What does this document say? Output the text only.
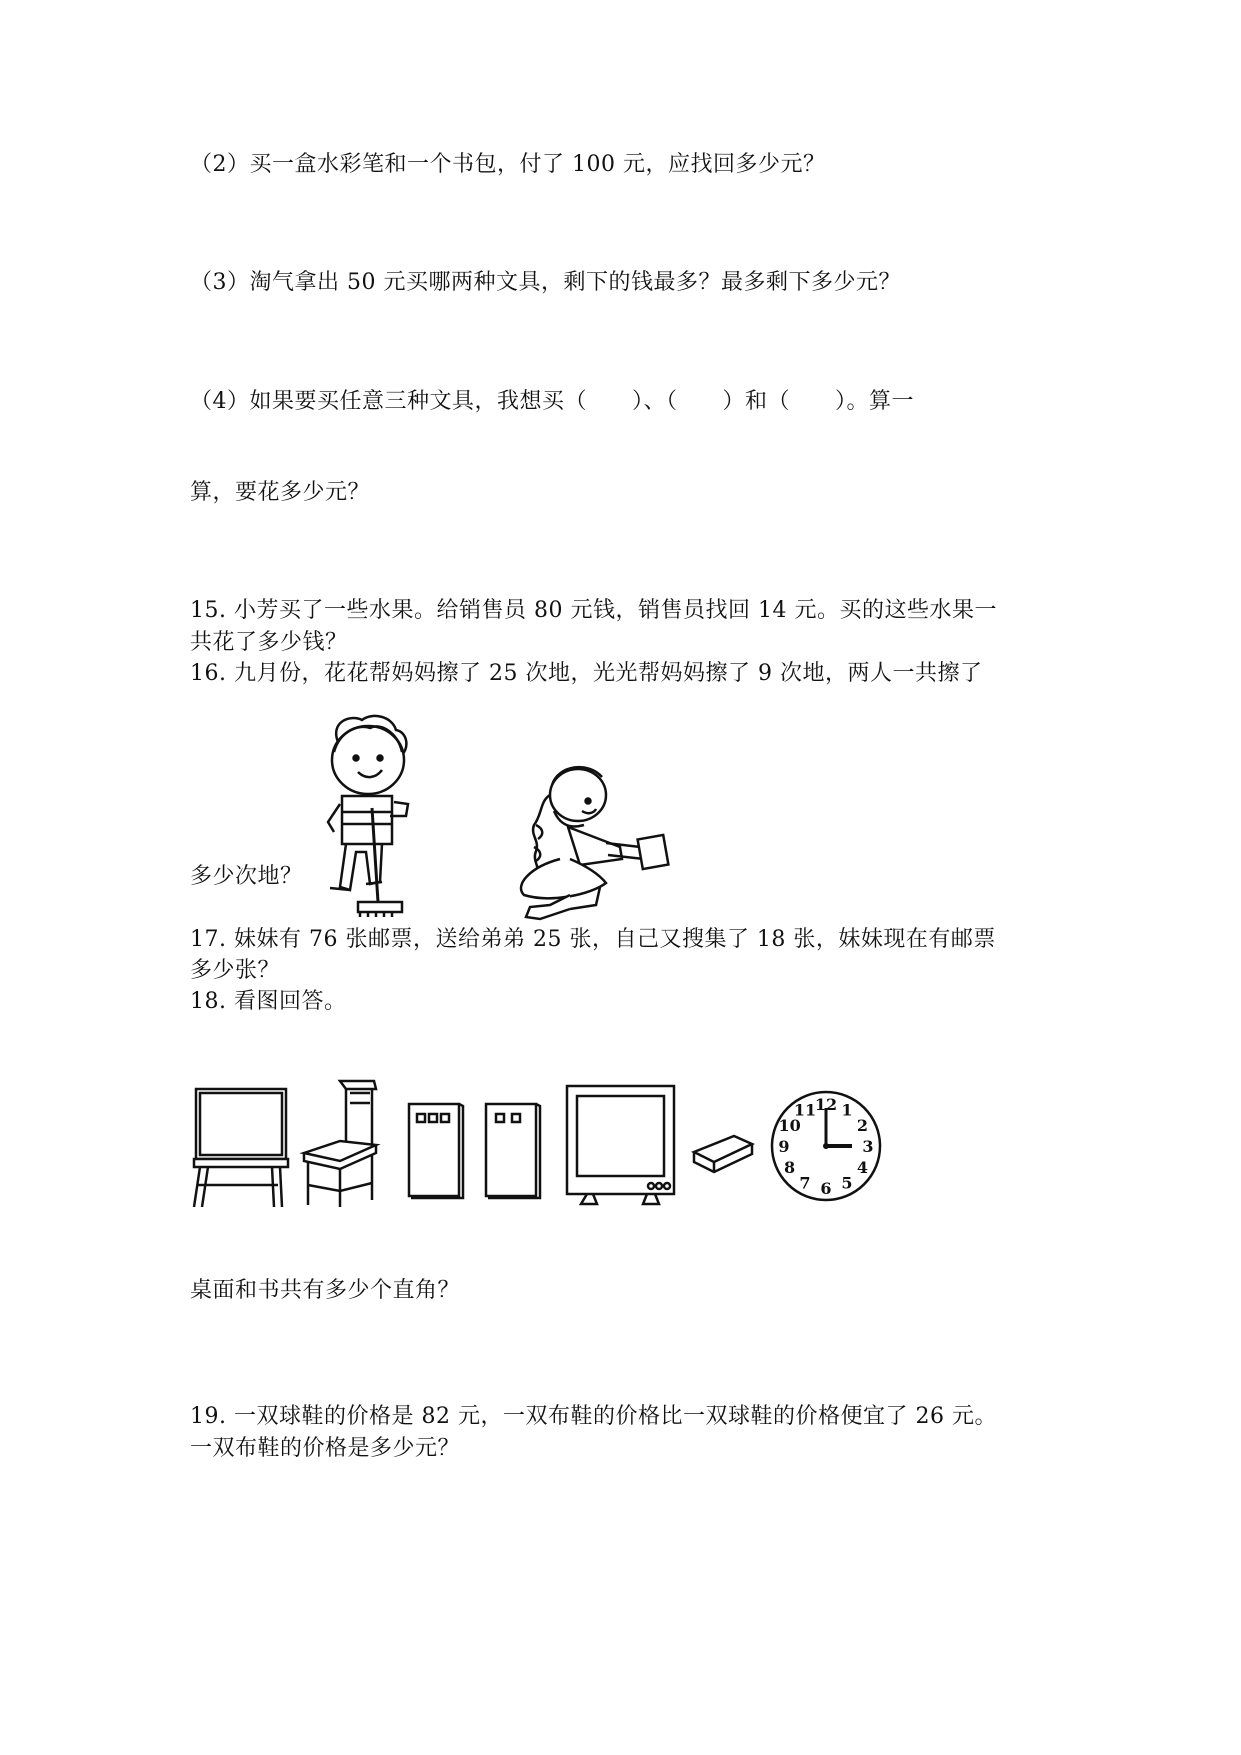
（2）买一盒水彩笔和一个书包，付了 100 元，应找回多少元？
（3）淘气拿出 50 元买哪两种文具，剩下的钱最多？最多剩下多少元？
（4）如果要买任意三种文具，我想买（　　）、（　　）和（　　）。算一
算，要花多少元？
15. 小芳买了一些水果。给销售员 80 元钱，销售员找回 14 元。买的这些水果一
共花了多少钱？
16. 九月份，花花帮妈妈擦了 25 次地，光光帮妈妈擦了 9 次地，两人一共擦了
多少次地？
17. 妹妹有 76 张邮票，送给弟弟 25 张，自己又搜集了 18 张，妹妹现在有邮票
多少张？
18. 看图回答。
12 1
2
3
4
5
6
7
8
9
10
11
桌面和书共有多少个直角？
19. 一双球鞋的价格是 82 元，一双布鞋的价格比一双球鞋的价格便宜了 26 元。
一双布鞋的价格是多少元？
